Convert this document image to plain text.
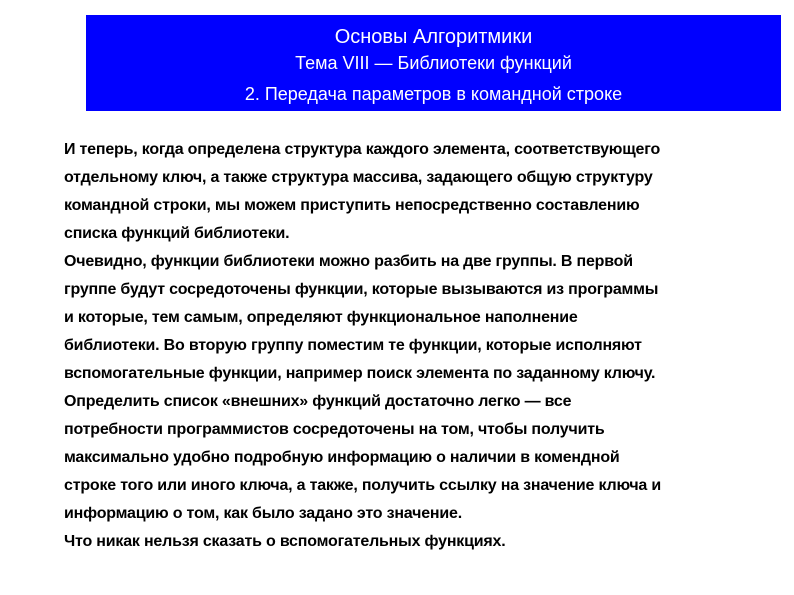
Основы Алгоритмики
Тема VIII — Библиотеки функций
2. Передача параметров в командной строке

И теперь, когда определена структура каждого элемента, соответствующего
отдельному ключ, а также структура массива, задающего общую структуру
командной строки, мы можем приступить непосредственно составлению
списка функций библиотеки.

Очевидно, функции библиотеки можно разбить на две группы. В первой
группе будут сосредоточены функции, которые вызываются из программы
и которые, тем самым, определяют функциональное наполнение
библиотеки. Во вторую группу поместим те функции, которые исполняют
вспомогательные функции, например поиск элемента по заданному ключу.

Определить список «внешних» функций достаточно легко — все
потребности программистов сосредоточены на том, чтобы получить
максимально удобно подробную информацию о наличии в комендной
строке того или иного ключа, а также, получить ссылку на значение ключа и
информацию о том, как было задано это значение.

Что никак нельзя сказать о вспомогательных функциях.
